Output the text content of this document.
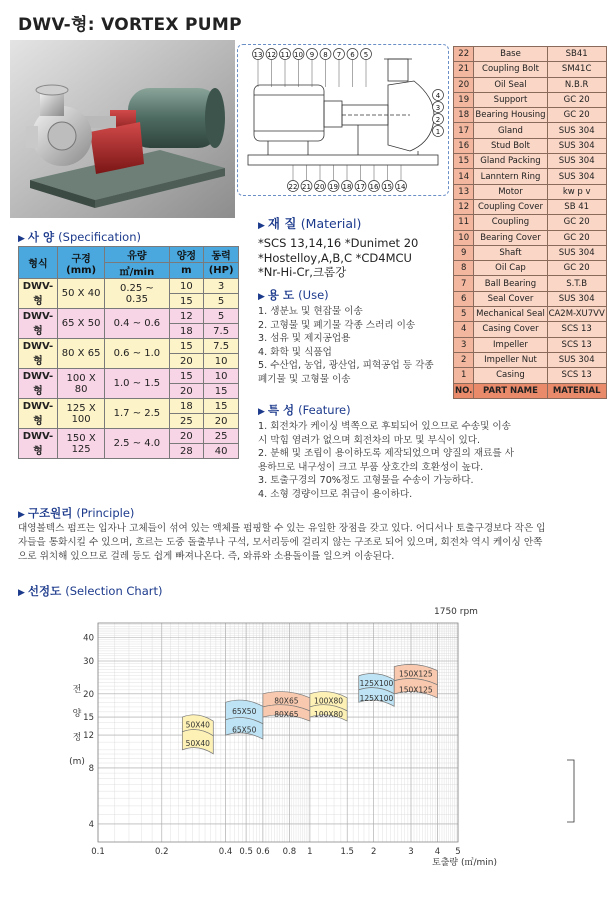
DWV-형: VORTEX PUMP
13 12 11 10 9 8 7 6 5
4
3
2
1
22 21 20 19 18 17 16 15 14
22	Base	SB41
21	Coupling Bolt	SM41C
20	Oil Seal	N.B.R
19	Support	GC 20
18	Bearing Housing	GC 20
17	Gland	SUS 304
16	Stud Bolt	SUS 304
15	Gland Packing	SUS 304
14	Lanntern Ring	SUS 304
13	Motor	kw p v
12	Coupling Cover	SB 41
11	Coupling	GC 20
10	Bearing Cover	GC 20
9	Shaft	SUS 304
8	Oil Cap	GC 20
7	Ball Bearing	S.T.B
6	Seal Cover	SUS 304
5	Mechanical Seal	CA2M-XU7VV
4	Casing Cover	SCS 13
3	Impeller	SCS 13
2	Impeller Nut	SUS 304
1	Casing	SCS 13
NO.	PART NAME	MATERIAL
▶ 사 양 (Specification)
형식	구경(mm)	유량	양정	동력
		㎥/min	m	(HP)
DWV-형	50 X 40	0.25 ~ 0.35	10	3
			15	5
DWV-형	65 X 50	0.4 ~ 0.6	12	5
			18	7.5
DWV-형	80 X 65	0.6 ~ 1.0	15	7.5
			20	10
DWV-형	100 X 80	1.0 ~ 1.5	15	10
			20	15
DWV-형	125 X 100	1.7 ~ 2.5	18	15
			25	20
DWV-형	150 X 125	2.5 ~ 4.0	20	25
			28	40
▶ 재 질 (Material)
*SCS 13,14,16 *Dunimet 20
*Hostelloy,A,B,C *CD4MCU
*Nr-Hi-Cr,크롬강
▶ 용 도 (Use)
1. 생분뇨 및 현잡물 이송
2. 고형물 및 폐기물 각종 스러리 이송
3. 섬유 및 제지공업용
4. 화학 및 식품업
5. 수산업, 농업, 광산업, 피혁공업 등 각종
폐기물 및 고형물 이송
▶ 특 성 (Feature)
1. 회전차가 케이싱 벽쪽으로 후퇴되어 있으므로 수송및 이송
시 막힘 염려가 없으며 회전차의 마모 및 부식이 있다.
2. 분해 및 조립이 용이하도록 제작되었으며 양질의 재료를 사
용하므로 내구성이 크고 부품 상호간의 호환성이 높다.
3. 토출구경의 70%정도 고형물을 수송이 가능하다.
4. 소형 경량이므로 취급이 용이하다.
▶ 구조원리 (Principle)
대영볼텍스 펌프는 입자나 고체들이 섞여 있는 액체를 펌핑할 수 있는 유일한 장점을 갖고 있다. 어디서나 토출구경보다 작은 입
자들을 통화시킬 수 있으며, 흐르는 도중 돌출부나 구석, 모서리등에 걸리지 않는 구조로 되어 있으며, 회전차 역시 케이싱 안쪽
으로 위치해 있으므로 걸레 등도 쉽게 빠져나온다. 즉, 와류와 소용돌이를 일으켜 이송된다.
▶ 선정도 (Selection Chart)
50X40
50X40
65X50
65X50
80X65
80X65
100X80
100X80
125X100
125X100
150X125
150X125
0.1	0.2	0.4 0.5 0.6 0.8 1	1.5 2	3 4 5
40
30
20
15
12
8
4
1750 rpm
전
양
정
(m)
토출량 (㎥/min)
